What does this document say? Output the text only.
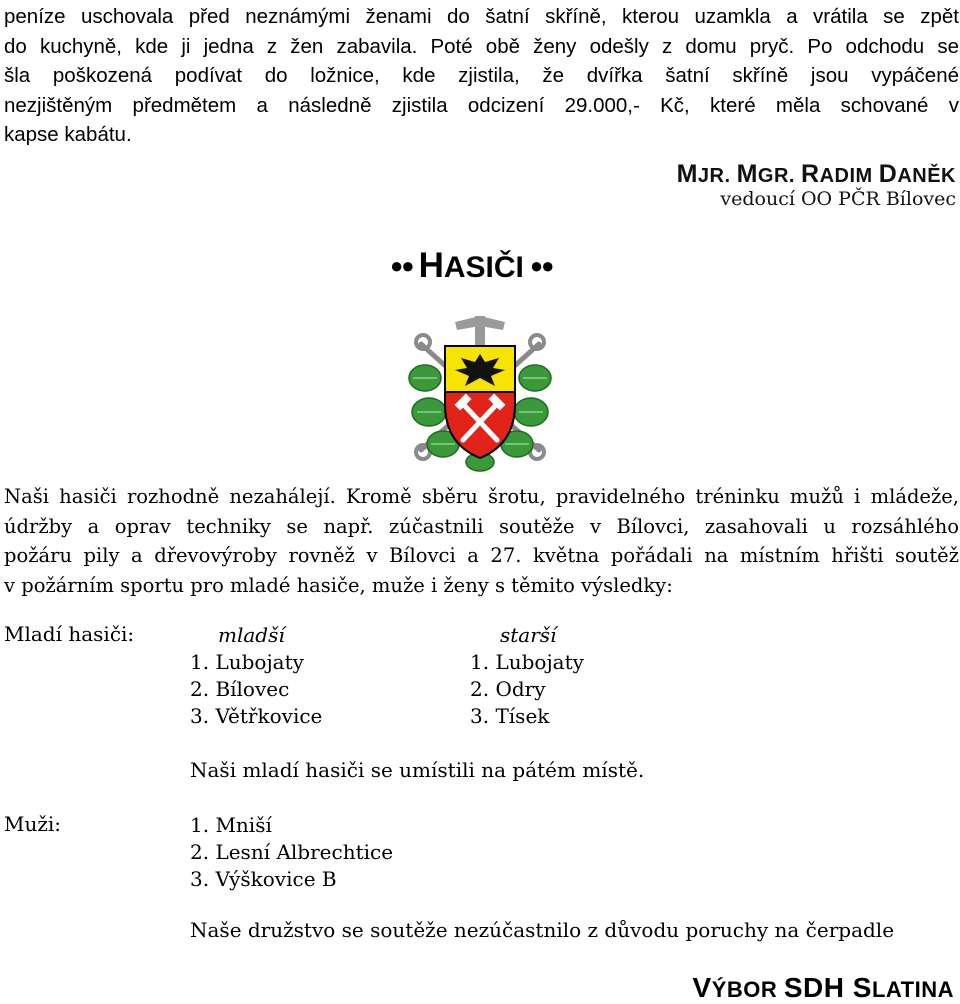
peníze uschovala před neznámými ženami do šatní skříně, kterou uzamkla a vrátila se zpět
do kuchyně, kde ji jedna z žen zabavila. Poté obě ženy odešly z domu pryč. Po odchodu se
šla poškozená podívat do ložnice, kde zjistila, že dvířka šatní skříně jsou vypáčené
nezjištěným předmětem a následně zjistila odcizení 29.000,- Kč, které měla schované v
kapse kabátu.
MJR. MGR. RADIM DANĚK
vedoucí OO PČR Bílovec
●● HASIČI ●●
Naši hasiči rozhodně nezahálejí. Kromě sběru šrotu, pravidelného tréninku mužů i mládeže,
údržby a oprav techniky se např. zúčastnili soutěže v Bílovci, zasahovali u rozsáhlého
požáru pily a dřevovýroby rovněž v Bílovci a 27. května pořádali na místním hřišti soutěž
v požárním sportu pro mladé hasiče, muže i ženy s těmito výsledky:
Mladí hasiči:	mladší
1. Lubojaty
2. Bílovec
3. Větřkovice
starší
1. Lubojaty
2. Odry
3. Tísek
Naši mladí hasiči se umístili na pátém místě.
Muži:	1. Mniší
2. Lesní Albrechtice
3. Výškovice B
Naše družstvo se soutěže nezúčastnilo z důvodu poruchy na čerpadle
VÝBOR SDH SLATINA
